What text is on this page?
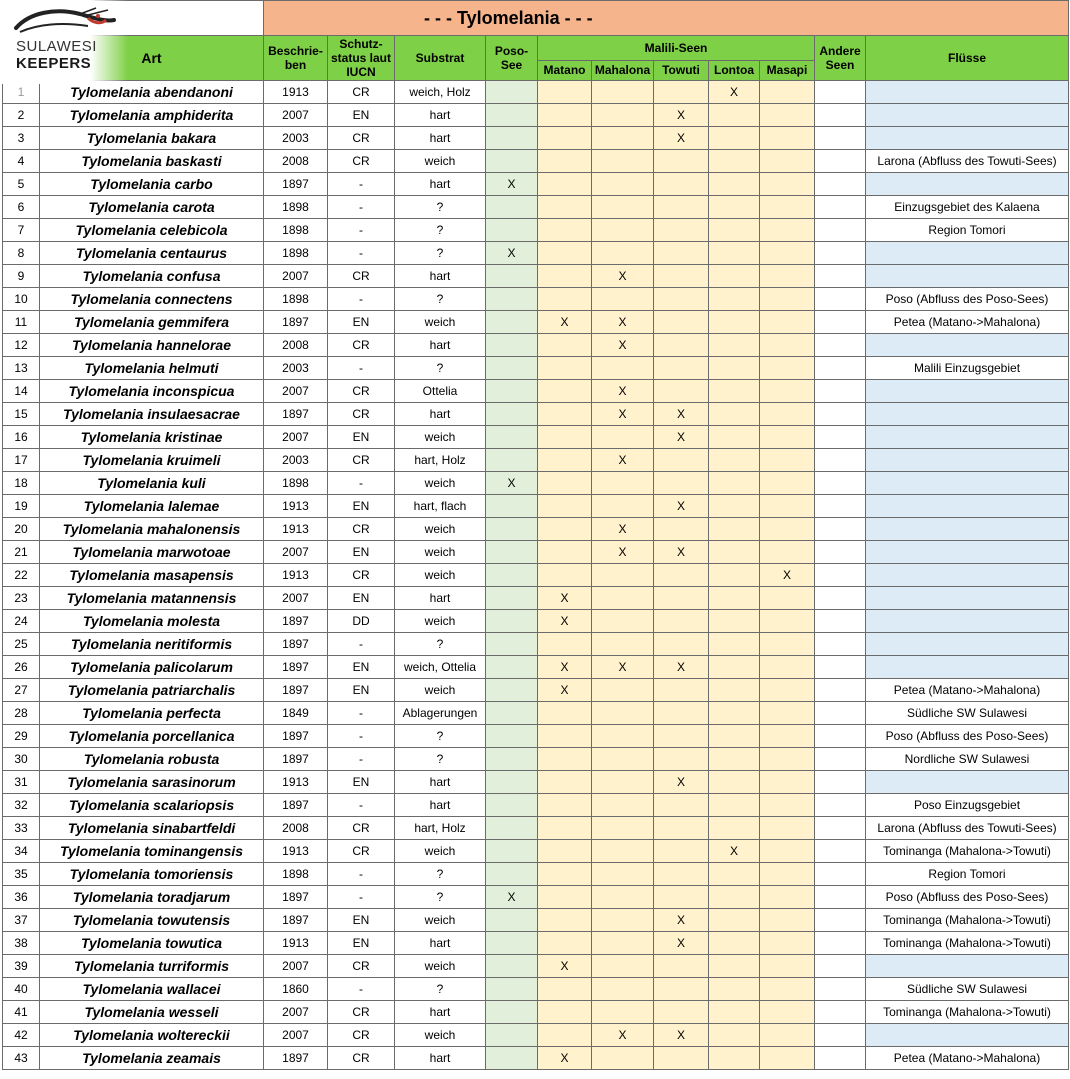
		- - - Tylomelania - - -										
	Art	Beschrie-ben	Schutz-status laut IUCN	Substrat	Poso-See	Malili-Seen					Andere Seen	Flüsse
						Matano	Mahalona	Towuti	Lontoa	Masapi		
1	Tylomelania abendanoni	1913	CR	weich, Holz					X			
2	Tylomelania amphiderita	2007	EN	hart				X				
3	Tylomelania bakara	2003	CR	hart				X				
4	Tylomelania baskasti	2008	CR	weich								Larona (Abfluss des Towuti-Sees)
5	Tylomelania carbo	1897	-	hart	X							
6	Tylomelania carota	1898	-	?								Einzugsgebiet des Kalaena
7	Tylomelania celebicola	1898	-	?								Region Tomori
8	Tylomelania centaurus	1898	-	?	X							
9	Tylomelania confusa	2007	CR	hart			X					
10	Tylomelania connectens	1898	-	?								Poso (Abfluss des Poso-Sees)
11	Tylomelania gemmifera	1897	EN	weich		X	X					Petea (Matano->Mahalona)
12	Tylomelania hannelorae	2008	CR	hart			X					
13	Tylomelania helmuti	2003	-	?								Malili Einzugsgebiet
14	Tylomelania inconspicua	2007	CR	Ottelia			X					
15	Tylomelania insulaesacrae	1897	CR	hart			X	X				
16	Tylomelania kristinae	2007	EN	weich				X				
17	Tylomelania kruimeli	2003	CR	hart, Holz			X					
18	Tylomelania kuli	1898	-	weich	X							
19	Tylomelania lalemae	1913	EN	hart, flach				X				
20	Tylomelania mahalonensis	1913	CR	weich			X					
21	Tylomelania marwotoae	2007	EN	weich			X	X				
22	Tylomelania masapensis	1913	CR	weich						X		
23	Tylomelania matannensis	2007	EN	hart		X						
24	Tylomelania molesta	1897	DD	weich		X						
25	Tylomelania neritiformis	1897	-	?								
26	Tylomelania palicolarum	1897	EN	weich, Ottelia		X	X	X				
27	Tylomelania patriarchalis	1897	EN	weich		X						Petea (Matano->Mahalona)
28	Tylomelania perfecta	1849	-	Ablagerungen								Südliche SW Sulawesi
29	Tylomelania porcellanica	1897	-	?								Poso (Abfluss des Poso-Sees)
30	Tylomelania robusta	1897	-	?								Nordliche SW Sulawesi
31	Tylomelania sarasinorum	1913	EN	hart				X				
32	Tylomelania scalariopsis	1897	-	hart								Poso Einzugsgebiet
33	Tylomelania sinabartfeldi	2008	CR	hart, Holz								Larona (Abfluss des Towuti-Sees)
34	Tylomelania tominangensis	1913	CR	weich					X			Tominanga (Mahalona->Towuti)
35	Tylomelania tomoriensis	1898	-	?								Region Tomori
36	Tylomelania toradjarum	1897	-	?	X							Poso (Abfluss des Poso-Sees)
37	Tylomelania towutensis	1897	EN	weich				X				Tominanga (Mahalona->Towuti)
38	Tylomelania towutica	1913	EN	hart				X				Tominanga (Mahalona->Towuti)
39	Tylomelania turriformis	2007	CR	weich		X						
40	Tylomelania wallacei	1860	-	?								Südliche SW Sulawesi
41	Tylomelania wesseli	2007	CR	hart								Tominanga (Mahalona->Towuti)
42	Tylomelania woltereckii	2007	CR	weich			X	X				
43	Tylomelania zeamais	1897	CR	hart		X						Petea (Matano->Mahalona)
SULAWESI
KEEPERS
